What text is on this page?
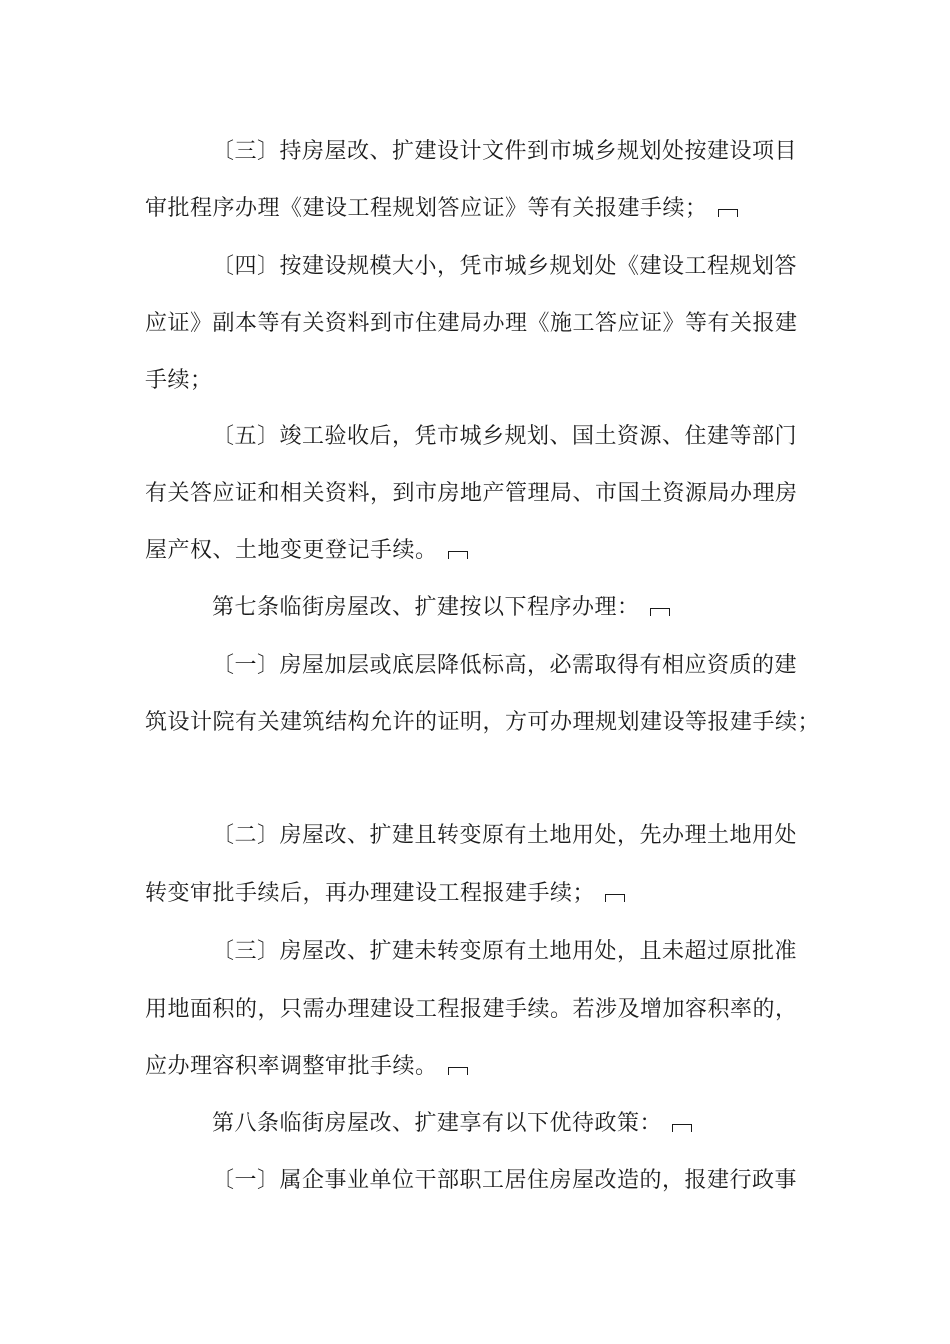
〔三〕持房屋改、扩建设计文件到市城乡规划处按建设项目
审批程序办理《建设工程规划答应证》等有关报建手续；
〔四〕按建设规模大小，凭市城乡规划处《建设工程规划答
应证》副本等有关资料到市住建局办理《施工答应证》等有关报建
手续；
〔五〕竣工验收后，凭市城乡规划、国土资源、住建等部门
有关答应证和相关资料，到市房地产管理局、市国土资源局办理房
屋产权、土地变更登记手续。
第七条临街房屋改、扩建按以下程序办理：
〔一〕房屋加层或底层降低标高，必需取得有相应资质的建
筑设计院有关建筑结构允许的证明，方可办理规划建设等报建手续；
〔二〕房屋改、扩建且转变原有土地用处，先办理土地用处
转变审批手续后，再办理建设工程报建手续；
〔三〕房屋改、扩建未转变原有土地用处，且未超过原批准
用地面积的，只需办理建设工程报建手续。若涉及增加容积率的，
应办理容积率调整审批手续。
第八条临街房屋改、扩建享有以下优待政策：
〔一〕属企事业单位干部职工居住房屋改造的，报建行政事
